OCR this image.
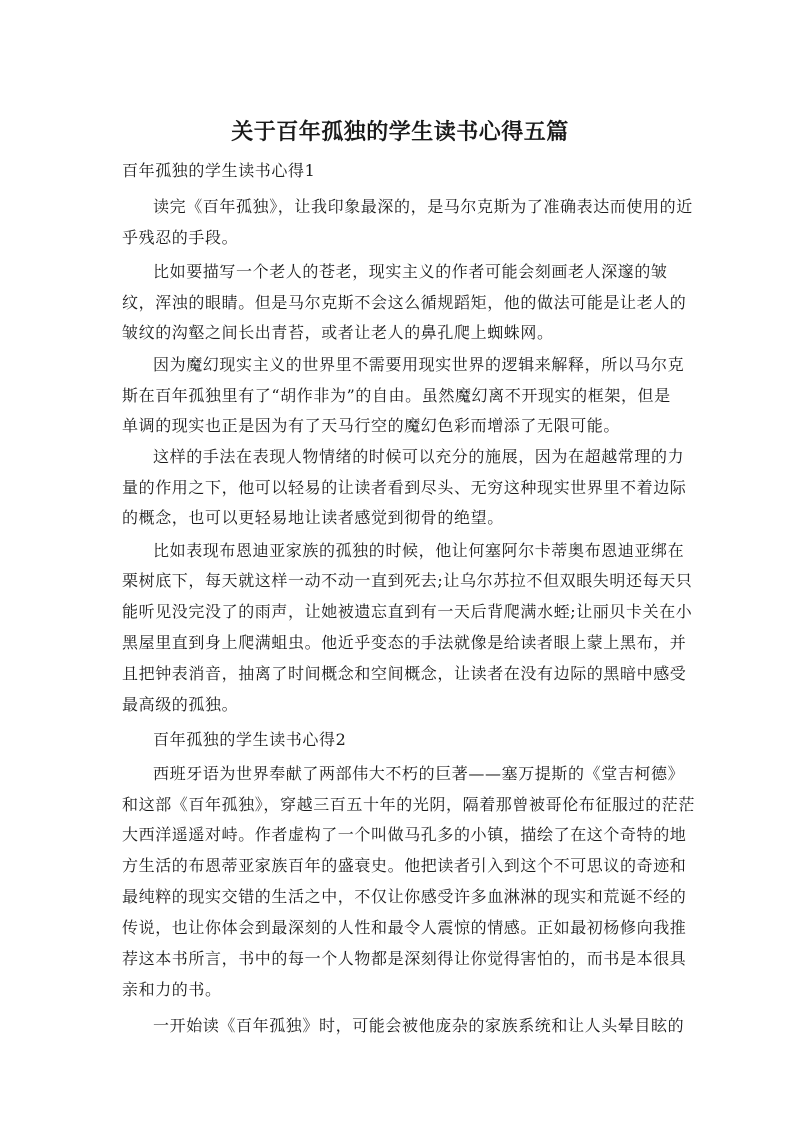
关于百年孤独的学生读书心得五篇
百年孤独的学生读书心得1
读完《百年孤独》，让我印象最深的，是马尔克斯为了准确表达而使用的近
乎残忍的手段。
比如要描写一个老人的苍老，现实主义的作者可能会刻画老人深邃的皱
纹，浑浊的眼睛。但是马尔克斯不会这么循规蹈矩，他的做法可能是让老人的
皱纹的沟壑之间长出青苔，或者让老人的鼻孔爬上蜘蛛网。
因为魔幻现实主义的世界里不需要用现实世界的逻辑来解释，所以马尔克
斯在百年孤独里有了“胡作非为”的自由。虽然魔幻离不开现实的框架，但是
单调的现实也正是因为有了天马行空的魔幻色彩而增添了无限可能。
这样的手法在表现人物情绪的时候可以充分的施展，因为在超越常理的力
量的作用之下，他可以轻易的让读者看到尽头、无穷这种现实世界里不着边际
的概念，也可以更轻易地让读者感觉到彻骨的绝望。
比如表现布恩迪亚家族的孤独的时候，他让何塞阿尔卡蒂奥布恩迪亚绑在
栗树底下，每天就这样一动不动一直到死去;让乌尔苏拉不但双眼失明还每天只
能听见没完没了的雨声，让她被遗忘直到有一天后背爬满水蛭;让丽贝卡关在小
黑屋里直到身上爬满蛆虫。他近乎变态的手法就像是给读者眼上蒙上黑布，并
且把钟表消音，抽离了时间概念和空间概念，让读者在没有边际的黑暗中感受
最高级的孤独。
百年孤独的学生读书心得2
西班牙语为世界奉献了两部伟大不朽的巨著——塞万提斯的《堂吉柯德》
和这部《百年孤独》，穿越三百五十年的光阴，隔着那曾被哥伦布征服过的茫茫
大西洋遥遥对峙。作者虚构了一个叫做马孔多的小镇，描绘了在这个奇特的地
方生活的布恩蒂亚家族百年的盛衰史。他把读者引入到这个不可思议的奇迹和
最纯粹的现实交错的生活之中，不仅让你感受许多血淋淋的现实和荒诞不经的
传说，也让你体会到最深刻的人性和最令人震惊的情感。正如最初杨修向我推
荐这本书所言，书中的每一个人物都是深刻得让你觉得害怕的，而书是本很具
亲和力的书。
一开始读《百年孤独》时，可能会被他庞杂的家族系统和让人头晕目眩的
